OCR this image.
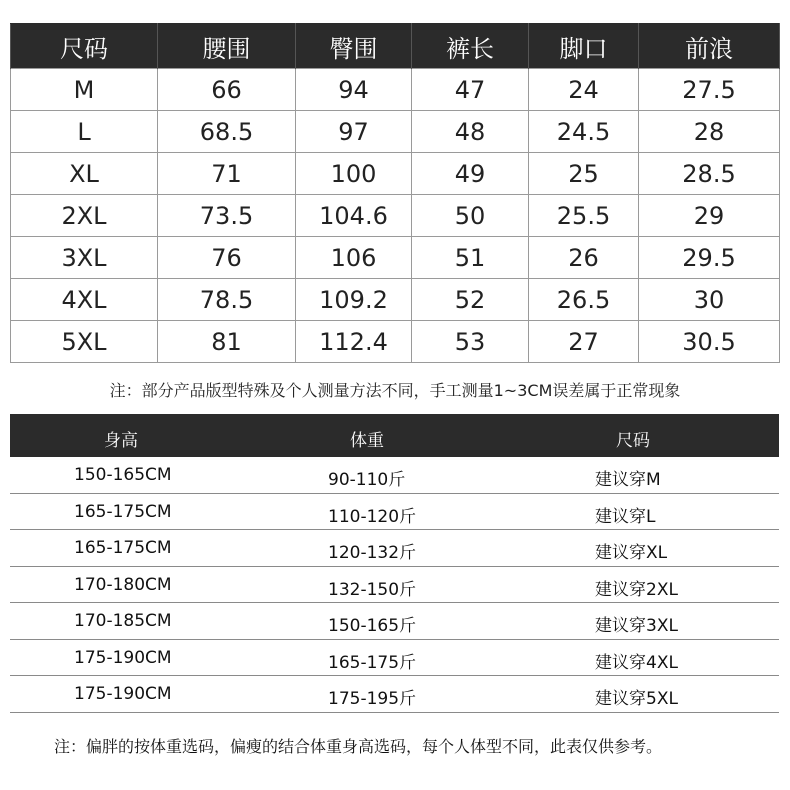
尺码	腰围	臀围	裤长	脚口	前浪
M	66	94	47	24	27.5
L	68.5	97	48	24.5	28
XL	71	100	49	25	28.5
2XL	73.5	104.6	50	25.5	29
3XL	76	106	51	26	29.5
4XL	78.5	109.2	52	26.5	30
5XL	81	112.4	53	27	30.5
注：部分产品版型特殊及个人测量方法不同，手工测量1~3CM误差属于正常现象
身高	体重	尺码
150-165CM	90-110斤	建议穿M
165-175CM	110-120斤	建议穿L
165-175CM	120-132斤	建议穿XL
170-180CM	132-150斤	建议穿2XL
170-185CM	150-165斤	建议穿3XL
175-190CM	165-175斤	建议穿4XL
175-190CM	175-195斤	建议穿5XL
注：偏胖的按体重选码，偏瘦的结合体重身高选码，每个人体型不同，此表仅供参考。
